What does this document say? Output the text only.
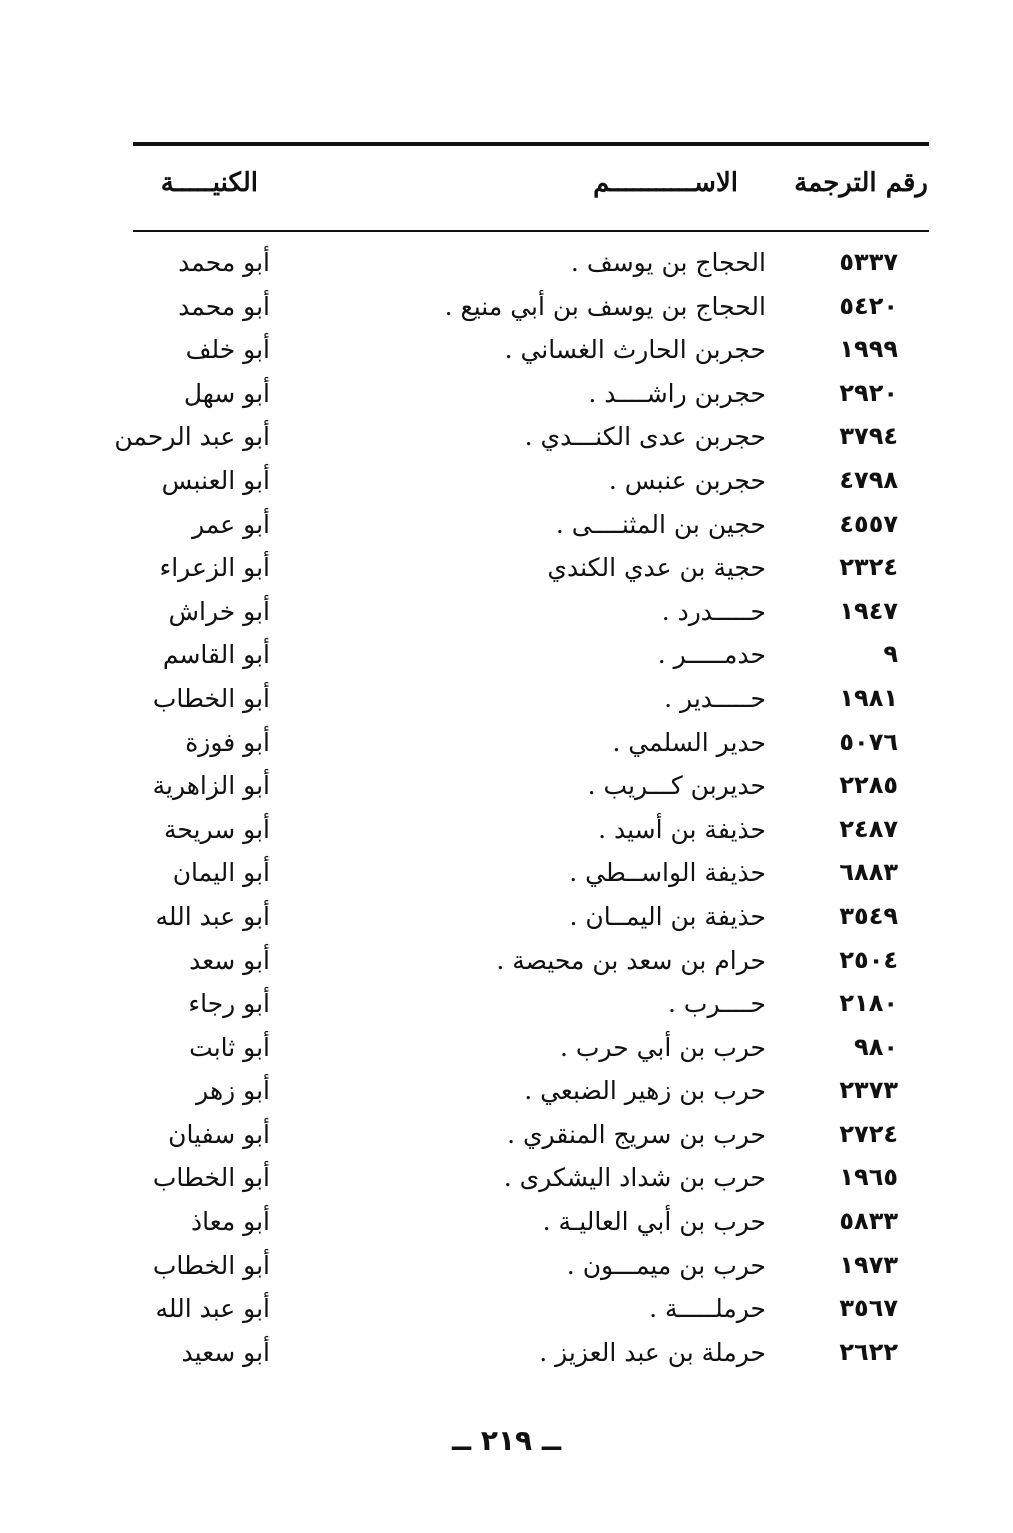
رقم الترجمة
الاســـــــــــم
الكنيـــــة
٥٣٣٧
الحجاج بن يوسف .
أبو محمد
٥٤٢٠
الحجاج بن يوسف بن أبي منيع .
أبو محمد
١٩٩٩
حجربن الحارث الغساني .
أبو خلف
٢٩٢٠
حجربن راشــــد .
أبو سهل
٣٧٩٤
حجربن عدى الكنـــدي .
أبو عبد الرحمن
٤٧٩٨
حجربن عنبس .
أبو العنبس
٤٥٥٧
حجين بن المثنــــى .
أبو عمر
٢٣٢٤
حجية بن عدي الكندي
أبو الزعراء
١٩٤٧
حـــــدرد .
أبو خراش
٩
حدمـــــر .
أبو القاسم
١٩٨١
حـــــدير .
أبو الخطاب
٥٠٧٦
حدير السلمي .
أبو فوزة
٢٢٨٥
حديربن كـــريب .
أبو الزاهرية
٢٤٨٧
حذيفة بن أسيد .
أبو سريحة
٦٨٨٣
حذيفة الواســطي .
أبو اليمان
٣٥٤٩
حذيفة بن اليمــان .
أبو عبد الله
٢٥٠٤
حرام بن سعد بن محيصة .
أبو سعد
٢١٨٠
حــــرب .
أبو رجاء
٩٨٠
حرب بن أبي حرب .
أبو ثابت
٢٣٧٣
حرب بن زهير الضبعي .
أبو زهر
٢٧٢٤
حرب بن سريج المنقري .
أبو سفيان
١٩٦٥
حرب بن شداد اليشكرى .
أبو الخطاب
٥٨٣٣
حرب بن أبي العاليـة .
أبو معاذ
١٩٧٣
حرب بن ميمـــون .
أبو الخطاب
٣٥٦٧
حرملـــــة .
أبو عبد الله
٢٦٢٢
حرملة بن عبد العزيز .
أبو سعيد
ــ ٢١٩ ــ
